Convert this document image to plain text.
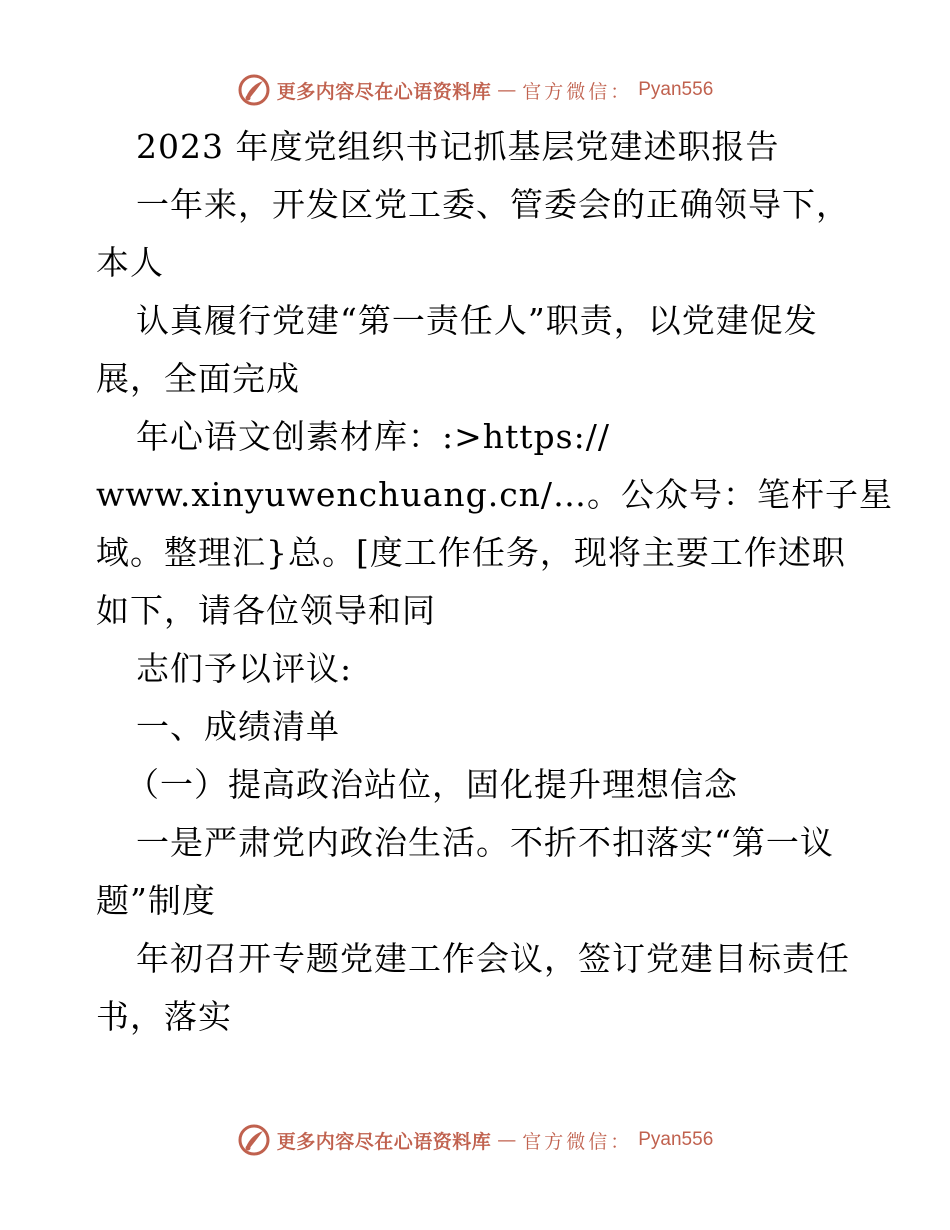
更多内容尽在心语资料库 — 官方微信： Pyan556
2023 年度党组织书记抓基层党建述职报告
一年来，开发区党工委、管委会的正确领导下，
本人
认真履行党建“第一责任人”职责，以党建促发
展，全面完成
年心语文创素材库：:>https://
www.xinyuwenchuang.cn/…。公众号：笔杆子星
域。整理汇}总。[度工作任务，现将主要工作述职
如下，请各位领导和同
志们予以评议:
一、成绩清单
（一）提高政治站位，固化提升理想信念
一是严肃党内政治生活。不折不扣落实“第一议
题”制度
年初召开专题党建工作会议，签订党建目标责任
书，落实
更多内容尽在心语资料库 — 官方微信： Pyan556
